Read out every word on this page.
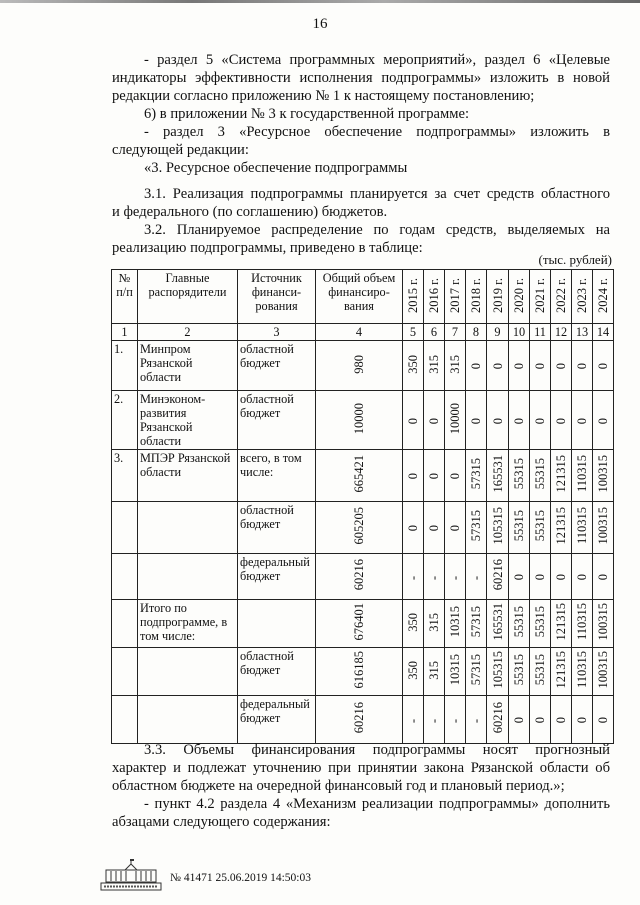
16

- раздел 5 «Система программных мероприятий», раздел 6 «Целевые

индикаторы эффективности исполнения подпрограммы» изложить в новой

редакции согласно приложению № 1 к настоящему постановлению;

6) в приложении № 3 к государственной программе:

- раздел 3 «Ресурсное обеспечение подпрограммы» изложить в

следующей редакции:

«3. Ресурсное обеспечение подпрограммы

3.1. Реализация подпрограммы планируется за счет средств областного

и федерального (по соглашению) бюджетов.

3.2. Планируемое распределение по годам средств, выделяемых на

реализацию подпрограммы, приведено в таблице:

(тыс. рублей)
№ п/п	Главные распорядители	Источник финанси-рования	Общий объем финансиро-вания	2015 г.	2016 г.	2017 г.	2018 г.	2019 г.	2020 г.	2021 г.	2022 г.	2023 г.	2024 г.
1	2	3	4	5	6	7	8	9	10	11	12	13	14
1.	Минпром Рязанской области	областной бюджет	980	350	315	315	0	0	0	0	0	0	0
2.	Минэконом-развития Рязанской области	областной бюджет	10000	0	0	10000	0	0	0	0	0	0	0
3.	МПЭР Рязанской области	всего, в том числе:	665421	0	0	0	57315	165531	55315	55315	121315	110315	100315
		областной бюджет	605205	0	0	0	57315	105315	55315	55315	121315	110315	100315
		федеральный бюджет	60216	-	-	-	-	60216	0	0	0	0	0
	Итого по подпрограмме, в том числе:		676401	350	315	10315	57315	165531	55315	55315	121315	110315	100315
		областной бюджет	616185	350	315	10315	57315	105315	55315	55315	121315	110315	100315
		федеральный бюджет	60216	-	-	-	-	60216	0	0	0	0	0

3.3. Объемы финансирования подпрограммы носят прогнозный

характер и подлежат уточнению при принятии закона Рязанской области об

областном бюджете на очередной финансовый год и плановый период.»;

- пункт 4.2 раздела 4 «Механизм реализации подпрограммы» дополнить

абзацами следующего содержания:

№ 41471 25.06.2019 14:50:03
